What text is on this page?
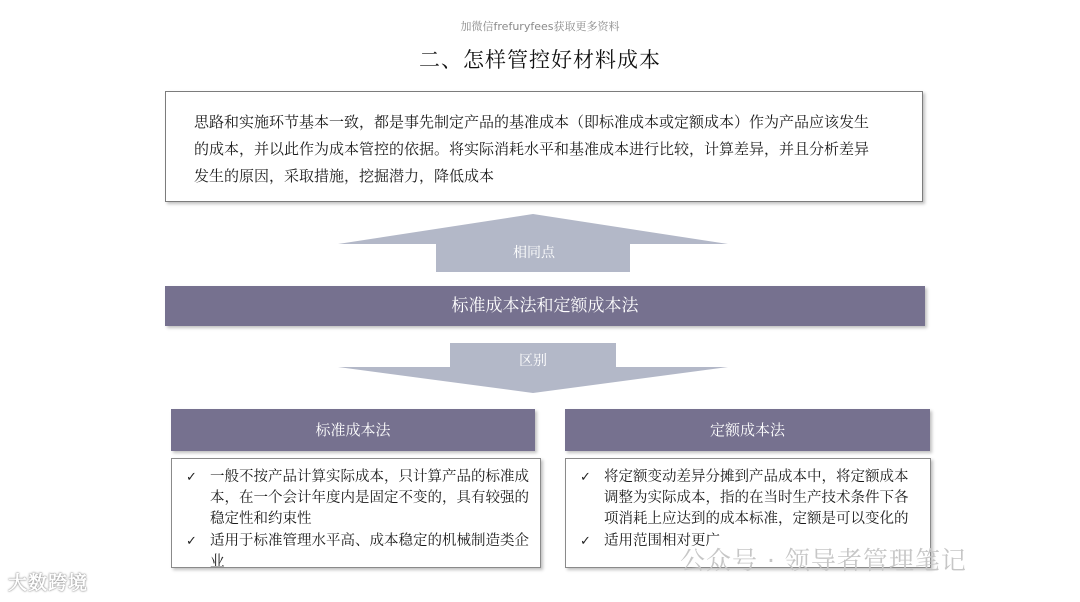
加微信frefuryfees获取更多资料
二、怎样管控好材料成本
思路和实施环节基本一致，都是事先制定产品的基准成本（即标准成本或定额成本）作为产品应该发生
的成本，并以此作为成本管控的依据。将实际消耗水平和基准成本进行比较，计算差异，并且分析差异
发生的原因，采取措施，挖掘潜力，降低成本
相同点
标准成本法和定额成本法
区别
标准成本法
✓ 一般不按产品计算实际成本，只计算产品的标准成本，在一个会计年度内是固定不变的，具有较强的稳定性和约束性
✓ 适用于标准管理水平高、成本稳定的机械制造类企业
定额成本法
✓ 将定额变动差异分摊到产品成本中，将定额成本调整为实际成本，指的在当时生产技术条件下各项消耗上应达到的成本标准，定额是可以变化的
✓ 适用范围相对更广
大数跨境
公众号 · 领导者管理笔记
